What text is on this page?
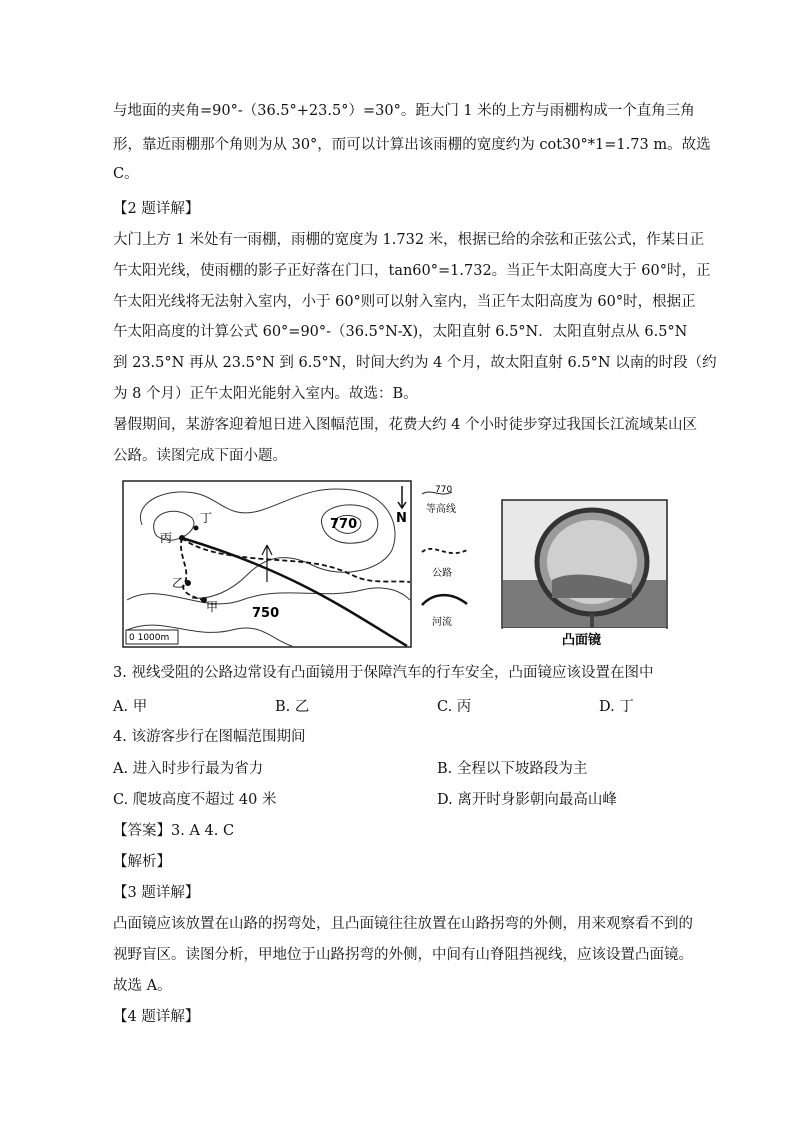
与地面的夹角=90°-（36.5°+23.5°）=30°。距大门 1 米的上方与雨棚构成一个直角三角
形，靠近雨棚那个角则为从 30°，而可以计算出该雨棚的宽度约为 cot30°*1=1.73 m。故选
C。
【2 题详解】
大门上方 1 米处有一雨棚，雨棚的宽度为 1.732 米，根据已给的余弦和正弦公式，作某日正
午太阳光线，使雨棚的影子正好落在门口，tan60°=1.732。当正午太阳高度大于 60°时，正
午太阳光线将无法射入室内，小于 60°则可以射入室内，当正午太阳高度为 60°时，根据正
午太阳高度的计算公式 60°=90°-（36.5°N-X)，太阳直射 6.5°N．太阳直射点从 6.5°N
到 23.5°N 再从 23.5°N 到 6.5°N，时间大约为 4 个月，故太阳直射 6.5°N 以南的时段（约
为 8 个月）正午太阳光能射入室内。故选：B。
暑假期间，某游客迎着旭日进入图幅范围，花费大约 4 个小时徒步穿过我国长江流域某山区
公路。读图完成下面小题。
770
750
丁
丙
乙
甲
N
0 1000m
770
等高线
公路
河流
凸面镜
3. 视线受阻的公路边常设有凸面镜用于保障汽车的行车安全，凸面镜应该设置在图中
A. 甲	B. 乙	C. 丙	D. 丁
4. 该游客步行在图幅范围期间
A. 进入时步行最为省力	B. 全程以下坡路段为主
C. 爬坡高度不超过 40 米	D. 离开时身影朝向最高山峰
【答案】3. A 4. C
【解析】
【3 题详解】
凸面镜应该放置在山路的拐弯处，且凸面镜往往放置在山路拐弯的外侧，用来观察看不到的
视野盲区。读图分析，甲地位于山路拐弯的外侧，中间有山脊阻挡视线，应该设置凸面镜。
故选 A。
【4 题详解】
